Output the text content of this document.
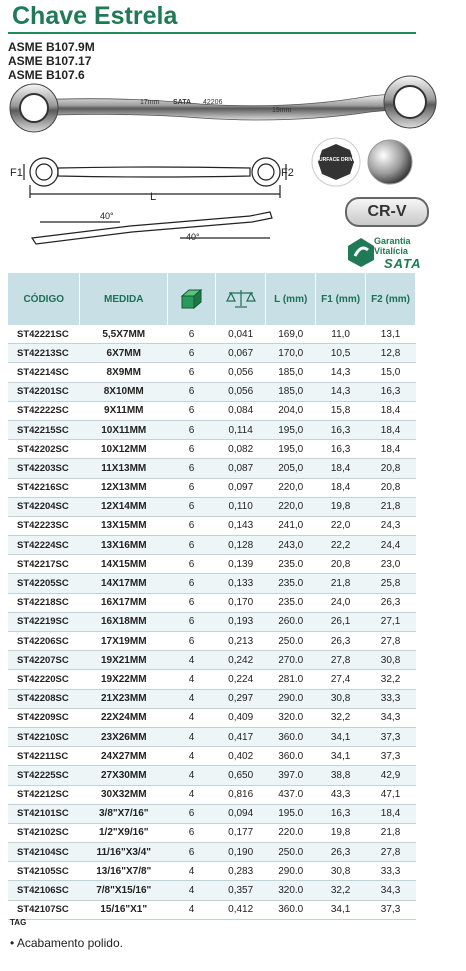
Chave Estrela
ASME B107.9M
ASME B107.17
ASME B107.6
17mm SATA 42206
19mm
F1	F2
L
40°
40°
SURFACE DRIVE
CR-V
Garantia
Vitalícia
SATA
CÓDIGO	MEDIDA			L (mm)	F1 (mm)	F2 (mm)
ST42221SC	5,5X7MM	6	0,041	169,0	11,0	13,1
ST42213SC	6X7MM	6	0,067	170,0	10,5	12,8
ST42214SC	8X9MM	6	0,056	185,0	14,3	15,0
ST42201SC	8X10MM	6	0,056	185,0	14,3	16,3
ST42222SC	9X11MM	6	0,084	204,0	15,8	18,4
ST42215SC	10X11MM	6	0,114	195,0	16,3	18,4
ST42202SC	10X12MM	6	0,082	195,0	16,3	18,4
ST42203SC	11X13MM	6	0,087	205,0	18,4	20,8
ST42216SC	12X13MM	6	0,097	220,0	18,4	20,8
ST42204SC	12X14MM	6	0,110	220,0	19,8	21,8
ST42223SC	13X15MM	6	0,143	241,0	22,0	24,3
ST42224SC	13X16MM	6	0,128	243,0	22,2	24,4
ST42217SC	14X15MM	6	0,139	235.0	20,8	23,0
ST42205SC	14X17MM	6	0,133	235.0	21,8	25,8
ST42218SC	16X17MM	6	0,170	235.0	24,0	26,3
ST42219SC	16X18MM	6	0,193	260.0	26,1	27,1
ST42206SC	17X19MM	6	0,213	250.0	26,3	27,8
ST42207SC	19X21MM	4	0,242	270.0	27,8	30,8
ST42220SC	19X22MM	4	0,224	281.0	27,4	32,2
ST42208SC	21X23MM	4	0,297	290.0	30,8	33,3
ST42209SC	22X24MM	4	0,409	320.0	32,2	34,3
ST42210SC	23X26MM	4	0,417	360.0	34,1	37,3
ST42211SC	24X27MM	4	0,402	360.0	34,1	37,3
ST42225SC	27X30MM	4	0,650	397.0	38,8	42,9
ST42212SC	30X32MM	4	0,816	437.0	43,3	47,1
ST42101SC	3/8"X7/16"	6	0,094	195.0	16,3	18,4
ST42102SC	1/2"X9/16"	6	0,177	220.0	19,8	21,8
ST42104SC	11/16"X3/4"	6	0,190	250.0	26,3	27,8
ST42105SC	13/16"X7/8"	4	0,283	290.0	30,8	33,3
ST42106SC	7/8"X15/16"	4	0,357	320.0	32,2	34,3
ST42107SC	15/16"X1"	4	0,412	360.0	34,1	37,3
TAG
• Acabamento polido.
